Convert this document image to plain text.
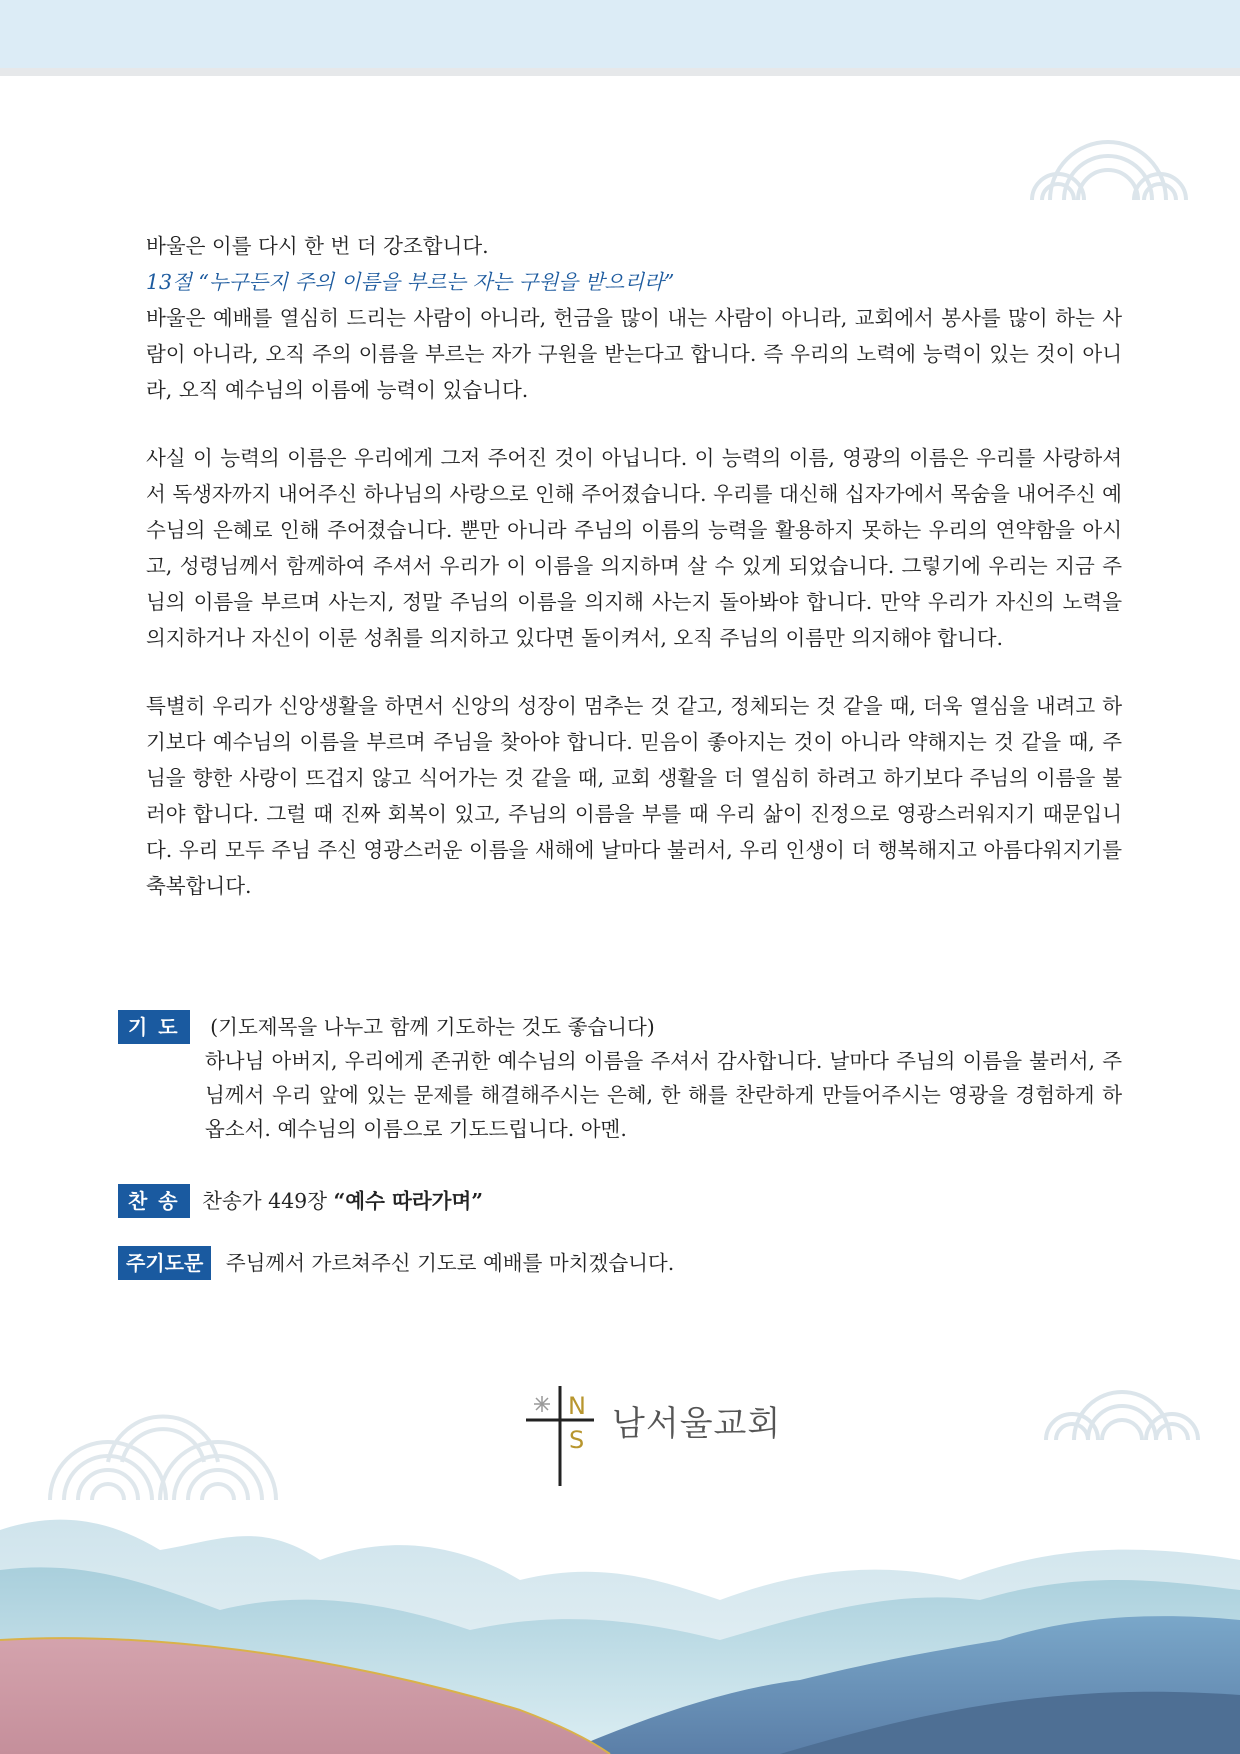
바울은 이를 다시 한 번 더 강조합니다.

13절 “누구든지 주의 이름을 부르는 자는 구원을 받으리라”

바울은 예배를 열심히 드리는 사람이 아니라, 헌금을 많이 내는 사람이 아니라, 교회에서 봉사를 많이 하는 사람이 아니라, 오직 주의 이름을 부르는 자가 구원을 받는다고 합니다. 즉 우리의 노력에 능력이 있는 것이 아니라, 오직 예수님의 이름에 능력이 있습니다.

사실 이 능력의 이름은 우리에게 그저 주어진 것이 아닙니다. 이 능력의 이름, 영광의 이름은 우리를 사랑하셔서 독생자까지 내어주신 하나님의 사랑으로 인해 주어졌습니다. 우리를 대신해 십자가에서 목숨을 내어주신 예수님의 은혜로 인해 주어졌습니다. 뿐만 아니라 주님의 이름의 능력을 활용하지 못하는 우리의 연약함을 아시고, 성령님께서 함께하여 주셔서 우리가 이 이름을 의지하며 살 수 있게 되었습니다. 그렇기에 우리는 지금 주님의 이름을 부르며 사는지, 정말 주님의 이름을 의지해 사는지 돌아봐야 합니다. 만약 우리가 자신의 노력을 의지하거나 자신이 이룬 성취를 의지하고 있다면 돌이켜서, 오직 주님의 이름만 의지해야 합니다.

특별히 우리가 신앙생활을 하면서 신앙의 성장이 멈추는 것 같고, 정체되는 것 같을 때, 더욱 열심을 내려고 하기보다 예수님의 이름을 부르며 주님을 찾아야 합니다. 믿음이 좋아지는 것이 아니라 약해지는 것 같을 때, 주님을 향한 사랑이 뜨겁지 않고 식어가는 것 같을 때, 교회 생활을 더 열심히 하려고 하기보다 주님의 이름을 불러야 합니다. 그럴 때 진짜 회복이 있고, 주님의 이름을 부를 때 우리 삶이 진정으로 영광스러워지기 때문입니다. 우리 모두 주님 주신 영광스러운 이름을 새해에 날마다 불러서, 우리 인생이 더 행복해지고 아름다워지기를 축복합니다.

기 도 (기도제목을 나누고 함께 기도하는 것도 좋습니다)
하나님 아버지, 우리에게 존귀한 예수님의 이름을 주셔서 감사합니다. 날마다 주님의 이름을 불러서, 주님께서 우리 앞에 있는 문제를 해결해주시는 은혜, 한 해를 찬란하게 만들어주시는 영광을 경험하게 하옵소서. 예수님의 이름으로 기도드립니다. 아멘.
찬 송 찬송가 449장 “예수 따라가며”
주기도문 주님께서 가르쳐주신 기도로 예배를 마치겠습니다.
N
S 남서울교회
